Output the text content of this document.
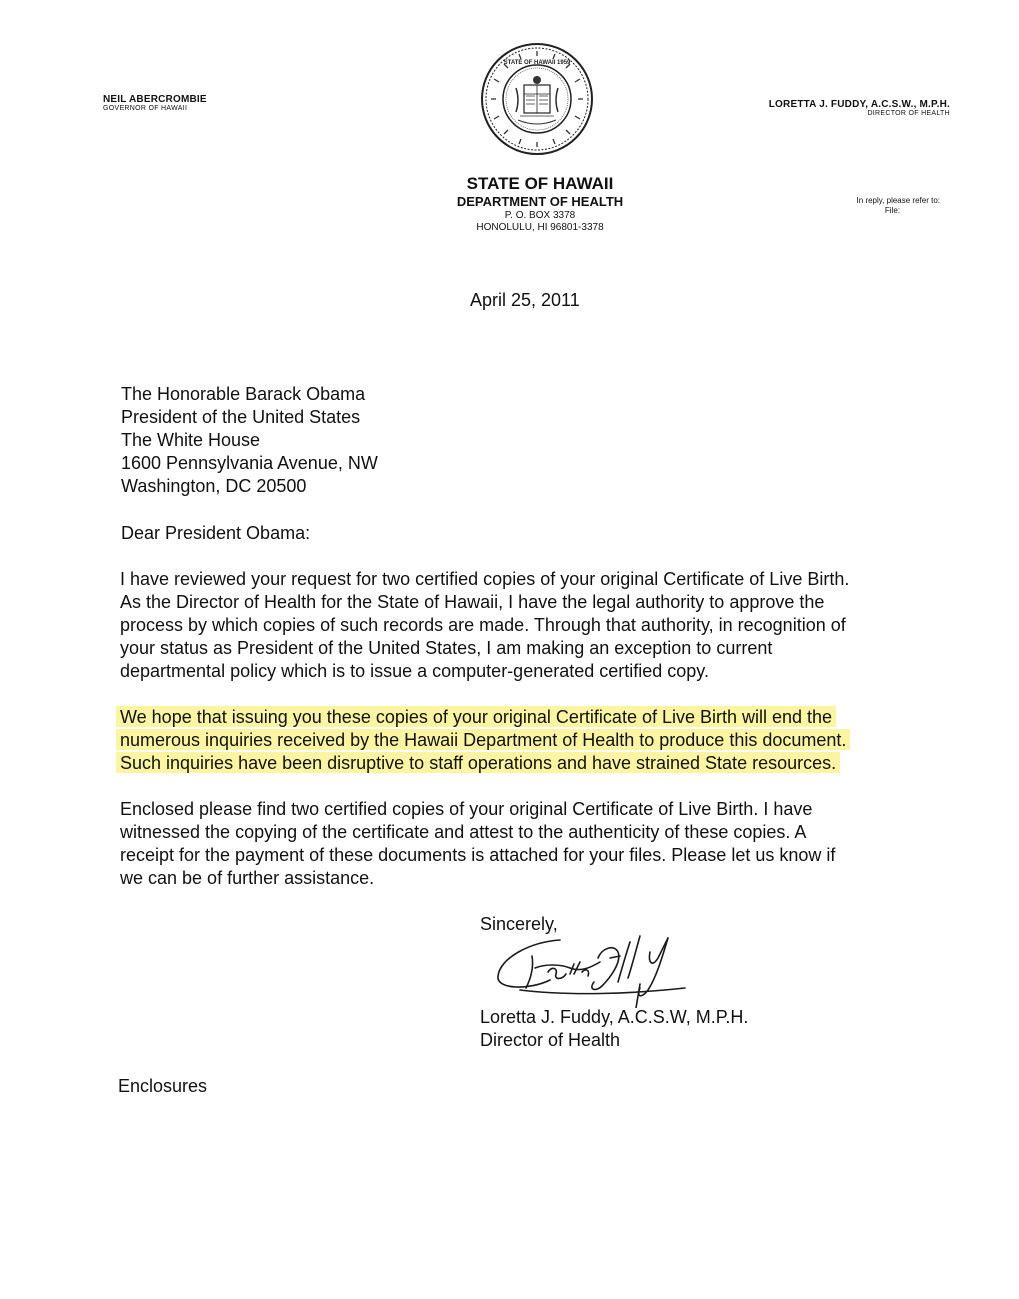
NEIL ABERCROMBIE
GOVERNOR OF HAWAII
STATE OF HAWAII 1959
LORETTA J. FUDDY, A.C.S.W., M.P.H.
DIRECTOR OF HEALTH
STATE OF HAWAII
DEPARTMENT OF HEALTH
P. O. BOX 3378
HONOLULU, HI 96801-3378
In reply, please refer to:
File:
April 25, 2011
The Honorable Barack Obama
President of the United States
The White House
1600 Pennsylvania Avenue, NW
Washington, DC 20500
Dear President Obama:
I have reviewed your request for two certified copies of your original Certificate of Live Birth.
As the Director of Health for the State of Hawaii, I have the legal authority to approve the
process by which copies of such records are made. Through that authority, in recognition of
your status as President of the United States, I am making an exception to current
departmental policy which is to issue a computer-generated certified copy.
We hope that issuing you these copies of your original Certificate of Live Birth will end the
numerous inquiries received by the Hawaii Department of Health to produce this document.
Such inquiries have been disruptive to staff operations and have strained State resources.
Enclosed please find two certified copies of your original Certificate of Live Birth. I have
witnessed the copying of the certificate and attest to the authenticity of these copies. A
receipt for the payment of these documents is attached for your files. Please let us know if
we can be of further assistance.
Sincerely,
Loretta J. Fuddy, A.C.S.W, M.P.H.
Director of Health
Enclosures
